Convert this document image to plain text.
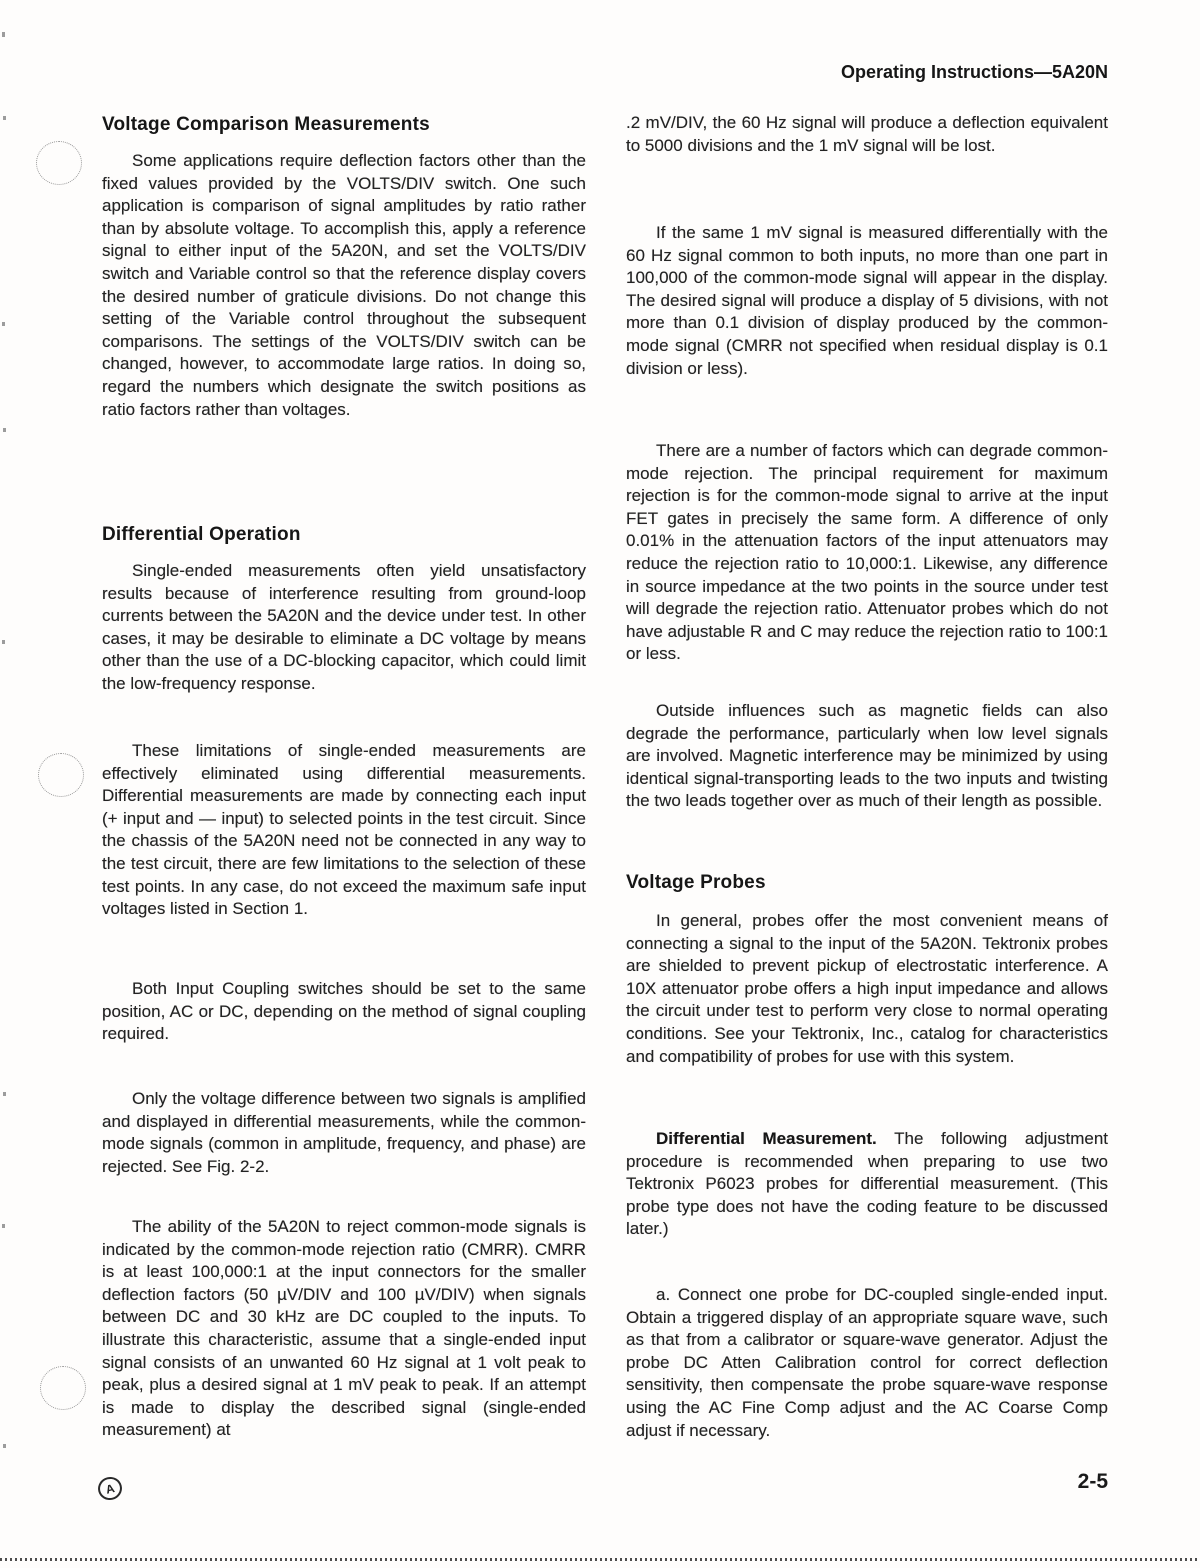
Operating Instructions—5A20N
Voltage Comparison Measurements
Some applications require deflection factors other than the fixed values provided by the VOLTS/DIV switch. One such application is comparison of signal amplitudes by ratio rather than by absolute voltage. To accomplish this, apply a reference signal to either input of the 5A20N, and set the VOLTS/DIV switch and Variable control so that the reference display covers the desired number of graticule divisions. Do not change this setting of the Variable control throughout the subsequent comparisons. The settings of the VOLTS/DIV switch can be changed, however, to accommodate large ratios. In doing so, regard the numbers which designate the switch positions as ratio factors rather than voltages.
Differential Operation
Single-ended measurements often yield unsatisfactory results because of interference resulting from ground-loop currents between the 5A20N and the device under test. In other cases, it may be desirable to eliminate a DC voltage by means other than the use of a DC-blocking capacitor, which could limit the low-frequency response.
These limitations of single-ended measurements are effectively eliminated using differential measurements. Differential measurements are made by connecting each input (+ input and — input) to selected points in the test circuit. Since the chassis of the 5A20N need not be connected in any way to the test circuit, there are few limitations to the selection of these test points. In any case, do not exceed the maximum safe input voltages listed in Section 1.
Both Input Coupling switches should be set to the same position, AC or DC, depending on the method of signal coupling required.
Only the voltage difference between two signals is amplified and displayed in differential measurements, while the common-mode signals (common in amplitude, frequency, and phase) are rejected. See Fig. 2-2.
The ability of the 5A20N to reject common-mode signals is indicated by the common-mode rejection ratio (CMRR). CMRR is at least 100,000:1 at the input connectors for the smaller deflection factors (50 µV/DIV and 100 µV/DIV) when signals between DC and 30 kHz are DC coupled to the inputs. To illustrate this characteristic, assume that a single-ended input signal consists of an unwanted 60 Hz signal at 1 volt peak to peak, plus a desired signal at 1 mV peak to peak. If an attempt is made to display the described signal (single-ended measurement) at
.2 mV/DIV, the 60 Hz signal will produce a deflection equivalent to 5000 divisions and the 1 mV signal will be lost.
If the same 1 mV signal is measured differentially with the 60 Hz signal common to both inputs, no more than one part in 100,000 of the common-mode signal will appear in the display. The desired signal will produce a display of 5 divisions, with not more than 0.1 division of display produced by the common-mode signal (CMRR not specified when residual display is 0.1 division or less).
There are a number of factors which can degrade common-mode rejection. The principal requirement for maximum rejection is for the common-mode signal to arrive at the input FET gates in precisely the same form. A difference of only 0.01% in the attenuation factors of the input attenuators may reduce the rejection ratio to 10,000:1. Likewise, any difference in source impedance at the two points in the source under test will degrade the rejection ratio. Attenuator probes which do not have adjustable R and C may reduce the rejection ratio to 100:1 or less.
Outside influences such as magnetic fields can also degrade the performance, particularly when low level signals are involved. Magnetic interference may be minimized by using identical signal-transporting leads to the two inputs and twisting the two leads together over as much of their length as possible.
Voltage Probes
In general, probes offer the most convenient means of connecting a signal to the input of the 5A20N. Tektronix probes are shielded to prevent pickup of electrostatic interference. A 10X attenuator probe offers a high input impedance and allows the circuit under test to perform very close to normal operating conditions. See your Tektronix, Inc., catalog for characteristics and compatibility of probes for use with this system.
Differential Measurement. The following adjustment procedure is recommended when preparing to use two Tektronix P6023 probes for differential measurement. (This probe type does not have the coding feature to be discussed later.)
a. Connect one probe for DC-coupled single-ended input. Obtain a triggered display of an appropriate square wave, such as that from a calibrator or square-wave generator. Adjust the probe DC Atten Calibration control for correct deflection sensitivity, then compensate the probe square-wave response using the AC Fine Comp adjust and the AC Coarse Comp adjust if necessary.
A	2-5
